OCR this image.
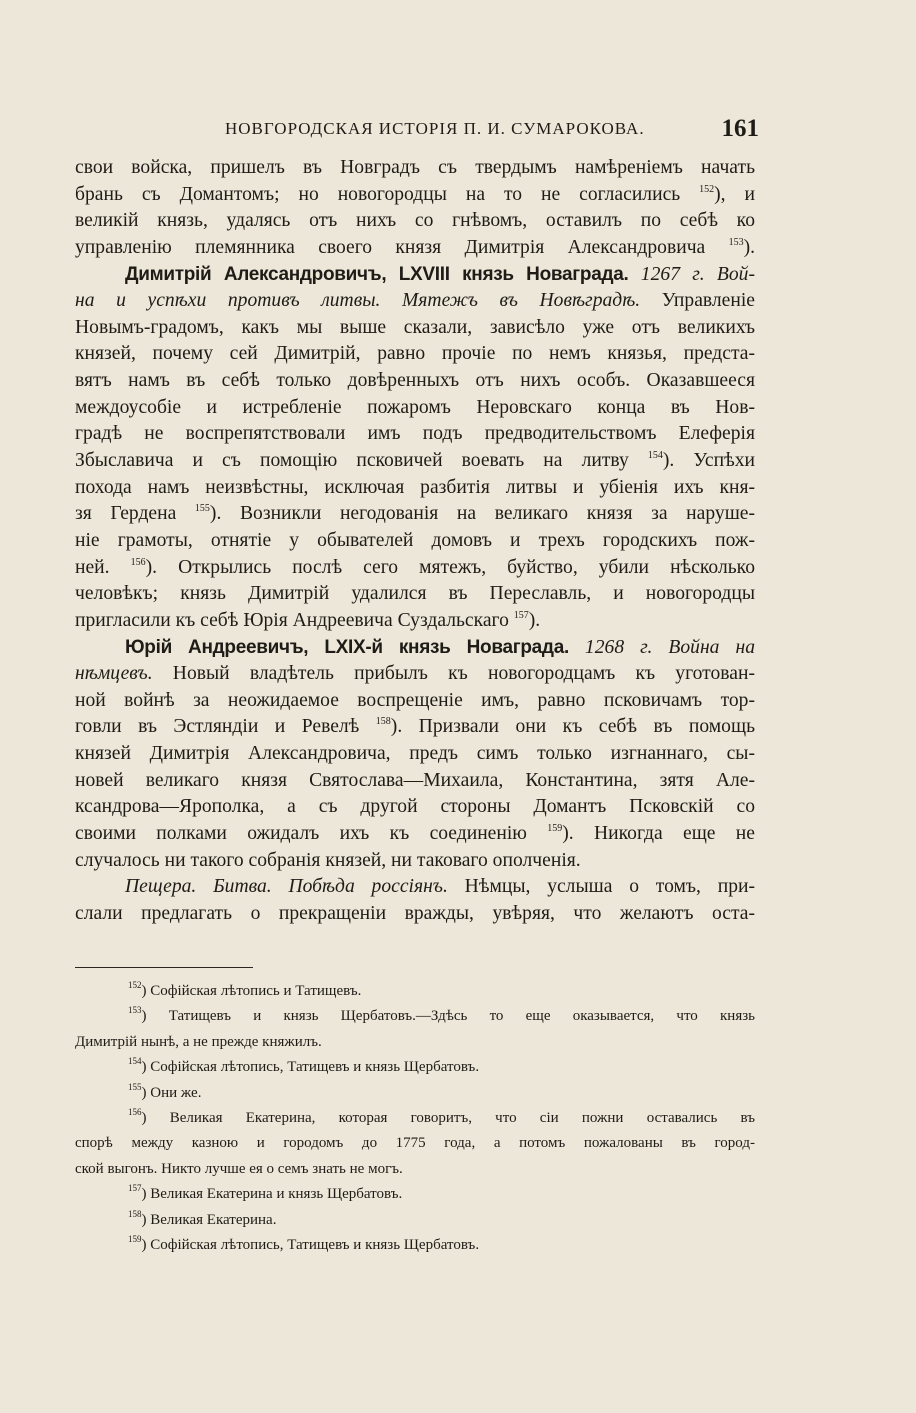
НОВГОРОДСКАЯ ИСТОРІЯ П. И. СУМАРОКОВА.	161
свои войска, пришелъ въ Новградъ съ твердымъ намѣреніемъ начать
брань съ Домантомъ; но новогородцы на то не согласились $^{152}$), и
великій князь, удалясь отъ нихъ со гнѣвомъ, оставилъ по себѣ ко
управленію племянника своего князя Димитрія Александровича $^{153}$).
Димитрій Александровичъ, LXVIII князь Новаграда. 1267 г. Вой-
на и успѣхи противъ литвы. Мятежъ въ Новѣградѣ. Управленіе
Новымъ-градомъ, какъ мы выше сказали, зависѣло уже отъ великихъ
князей, почему сей Димитрій, равно прочіе по немъ князья, предста-
вятъ намъ въ себѣ только довѣренныхъ отъ нихъ особъ. Оказавшееся
междоусобіе и истребленіе пожаромъ Неровскаго конца въ Нов-
градѣ не воспрепятствовали имъ подъ предводительствомъ Елеферія
Збыславича и съ помощію псковичей воевать на литву $^{154}$). Успѣхи
похода намъ неизвѣстны, исключая разбитія литвы и убіенія ихъ кня-
зя Гердена $^{155}$). Возникли негодованія на великаго князя за наруше-
ніе грамоты, отнятіе у обывателей домовъ и трехъ городскихъ пож-
ней. $^{156}$). Открылись послѣ сего мятежъ, буйство, убили нѣсколько
человѣкъ; князь Димитрій удалился въ Переславль, и новогородцы
пригласили къ себѣ Юрія Андреевича Суздальскаго $^{157}$).
Юрій Андреевичъ, LXIX-й князь Новаграда. 1268 г. Война на
нѣмцевъ. Новый владѣтель прибылъ къ новогородцамъ къ уготован-
ной войнѣ за неожидаемое воспрещеніе имъ, равно псковичамъ тор-
говли въ Эстляндіи и Ревелѣ $^{158}$). Призвали они къ себѣ въ помощь
князей Димитрія Александровича, предъ симъ только изгнаннаго, сы-
новей великаго князя Святослава—Михаила, Константина, зятя Але-
ксандрова—Ярополка, а съ другой стороны Домантъ Псковскій со
своими полками ожидалъ ихъ къ соединенію $^{159}$). Никогда еще не
случалось ни такого собранія князей, ни таковаго ополченія.
Пещера. Битва. Побѣда россіянъ. Нѣмцы, услыша о томъ, при-
слали предлагать о прекращеніи вражды, увѣряя, что желаютъ оста-
$^{152}$) Софійская лѣтопись и Татищевъ.
$^{153}$) Татищевъ и князь Щербатовъ.—Здѣсь то еще оказывается, что князь
Димитрій нынѣ, а не прежде княжилъ.
$^{154}$) Софійская лѣтопись, Татищевъ и князь Щербатовъ.
$^{155}$) Они же.
$^{156}$) Великая Екатерина, которая говоритъ, что сіи пожни оставались въ
спорѣ между казною и городомъ до 1775 года, а потомъ пожалованы въ город-
ской выгонъ. Никто лучше ея о семъ знать не могъ.
$^{157}$) Великая Екатерина и князь Щербатовъ.
$^{158}$) Великая Екатерина.
$^{159}$) Софійская лѣтопись, Татищевъ и князь Щербатовъ.
